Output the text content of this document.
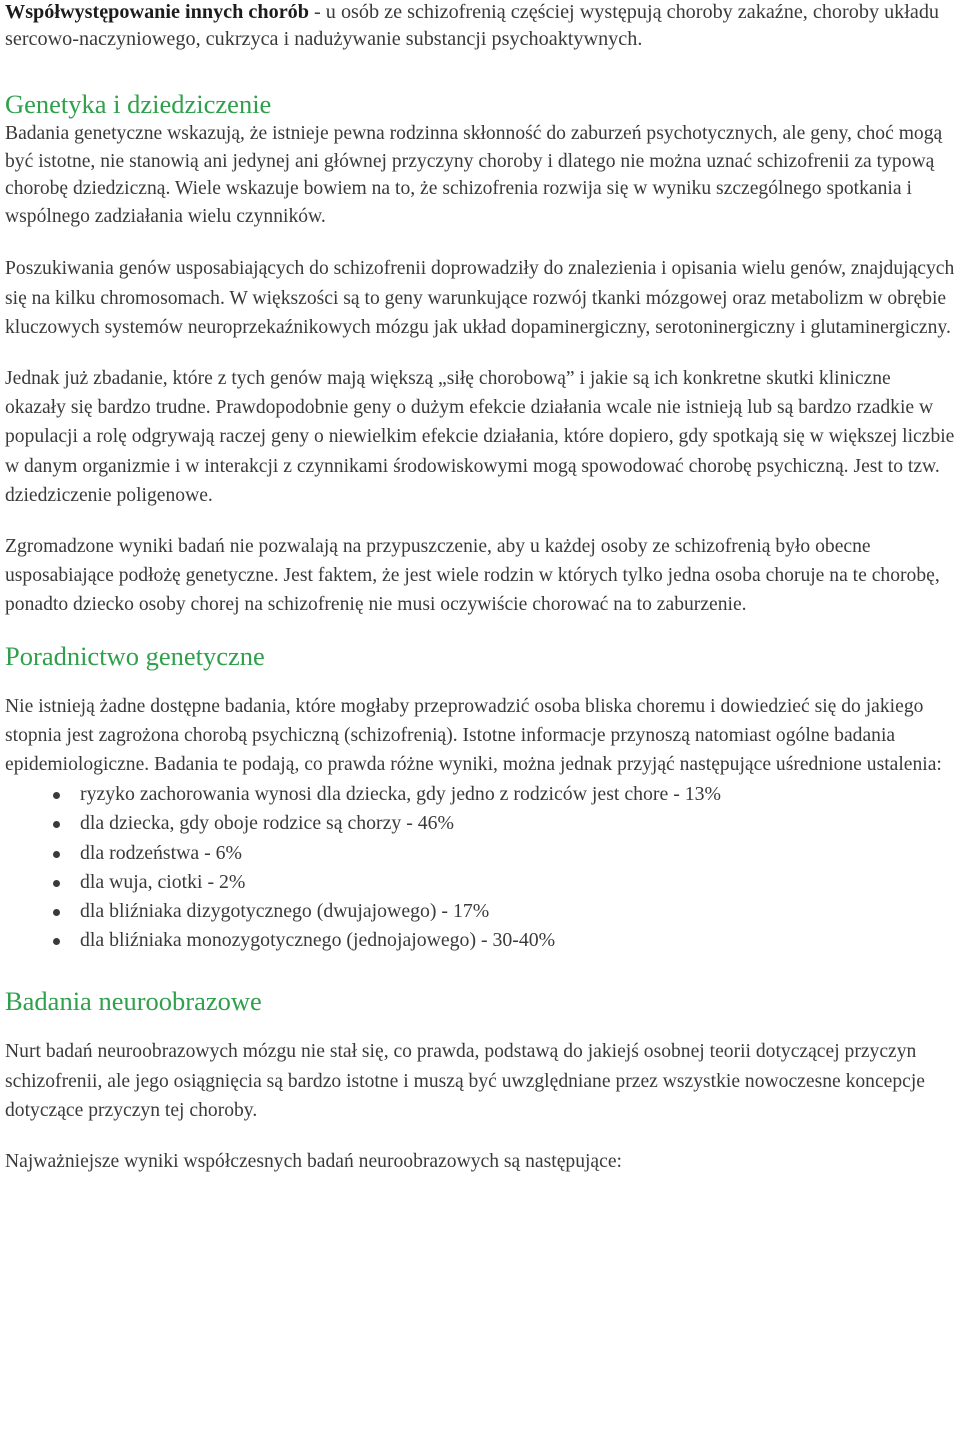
Współwystępowanie innych chorób - u osób ze schizofrenią częściej występują choroby zakaźne, choroby układu sercowo-naczyniowego, cukrzyca i nadużywanie substancji psychoaktywnych.

Genetyka i dziedziczenie

Badania genetyczne wskazują, że istnieje pewna rodzinna skłonność do zaburzeń psychotycznych, ale geny, choć mogą być istotne, nie stanowią ani jedynej ani głównej przyczyny choroby i dlatego nie można uznać schizofrenii za typową chorobę dziedziczną. Wiele wskazuje bowiem na to, że schizofrenia rozwija się w wyniku szczególnego spotkania i wspólnego zadziałania wielu czynników.

Poszukiwania genów usposabiających do schizofrenii doprowadziły do znalezienia i opisania wielu genów, znajdujących się na kilku chromosomach. W większości są to geny warunkujące rozwój tkanki mózgowej oraz metabolizm w obrębie kluczowych systemów neuroprzekaźnikowych mózgu jak układ dopaminergiczny, serotoninergiczny i glutaminergiczny.

Jednak już zbadanie, które z tych genów mają większą „siłę chorobową” i jakie są ich konkretne skutki kliniczne okazały się bardzo trudne. Prawdopodobnie geny o dużym efekcie działania wcale nie istnieją lub są bardzo rzadkie w populacji a rolę odgrywają raczej geny o niewielkim efekcie działania, które dopiero, gdy spotkają się w większej liczbie w danym organizmie i w interakcji z czynnikami środowiskowymi mogą spowodować chorobę psychiczną. Jest to tzw. dziedziczenie poligenowe.

Zgromadzone wyniki badań nie pozwalają na przypuszczenie, aby u każdej osoby ze schizofrenią było obecne usposabiające podłożę genetyczne. Jest faktem, że jest wiele rodzin w których tylko jedna osoba choruje na te chorobę, ponadto dziecko osoby chorej na schizofrenię nie musi oczywiście chorować na to zaburzenie.

Poradnictwo genetyczne

Nie istnieją żadne dostępne badania, które mogłaby przeprowadzić osoba bliska choremu i dowiedzieć się do jakiego stopnia jest zagrożona chorobą psychiczną (schizofrenią). Istotne informacje przynoszą natomiast ogólne badania epidemiologiczne. Badania te podają, co prawda różne wyniki, można jednak przyjąć następujące uśrednione ustalenia:

ryzyko zachorowania wynosi dla dziecka, gdy jedno z rodziców jest chore - 13%
dla dziecka, gdy oboje rodzice są chorzy - 46%
dla rodzeństwa - 6%
dla wuja, ciotki - 2%
dla bliźniaka dizygotycznego (dwujajowego) - 17%
dla bliźniaka monozygotycznego (jednojajowego) - 30-40%
Badania neuroobrazowe

Nurt badań neuroobrazowych mózgu nie stał się, co prawda, podstawą do jakiejś osobnej teorii dotyczącej przyczyn schizofrenii, ale jego osiągnięcia są bardzo istotne i muszą być uwzględniane przez wszystkie nowoczesne koncepcje dotyczące przyczyn tej choroby.

Najważniejsze wyniki współczesnych badań neuroobrazowych są następujące:
